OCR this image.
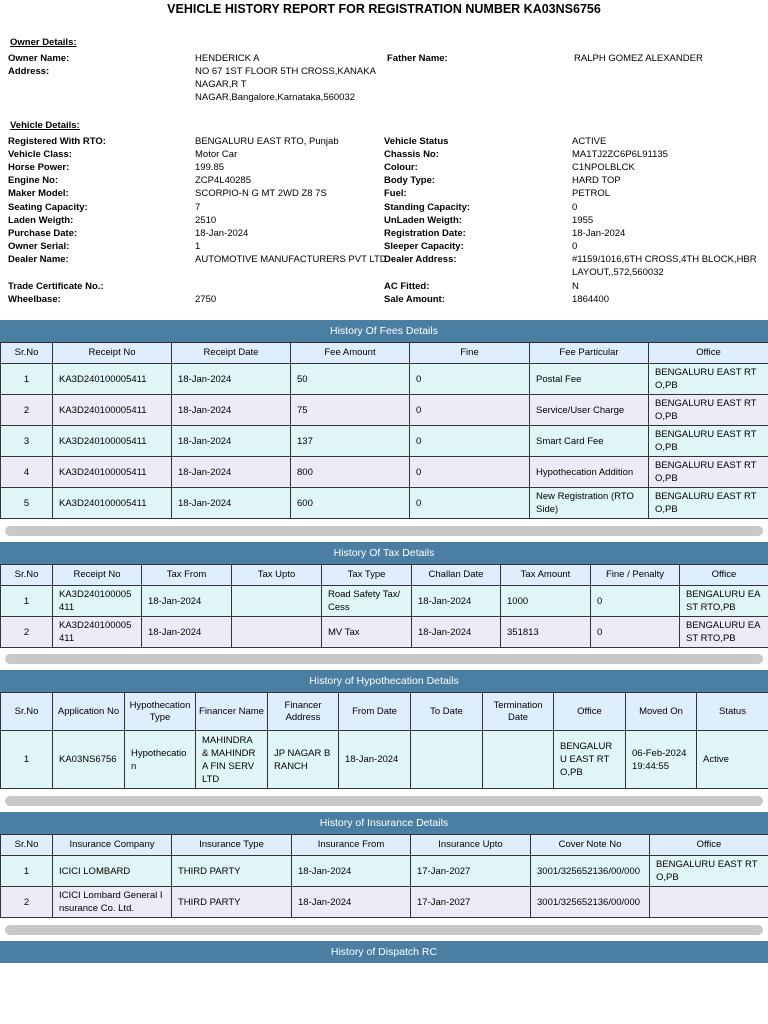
VEHICLE HISTORY REPORT FOR REGISTRATION NUMBER KA03NS6756
Owner Details:
Owner Name:	HENDERICK A	Father Name:	RALPH GOMEZ ALEXANDER
Address:	NO 67 1ST FLOOR 5TH CROSS,KANAKA
NAGAR,R T
NAGAR,Bangalore,Karnataka,560032
Vehicle Details:
Registered With RTO:	BENGALURU EAST RTO, Punjab	Vehicle Status	ACTIVE
Vehicle Class:	Motor Car	Chassis No:	MA1TJ2ZC6P6L91135
Horse Power:	199.85	Colour:	C1NPOLBLCK
Engine No:	ZCP4L40285	Body Type:	HARD TOP
Maker Model:	SCORPIO-N G MT 2WD Z8 7S	Fuel:	PETROL
Seating Capacity:	7	Standing Capacity:	0
Laden Weigth:	2510	UnLaden Weigth:	1955
Purchase Date:	18-Jan-2024	Registration Date:	18-Jan-2024
Owner Serial:	1	Sleeper Capacity:	0
Dealer Name:	AUTOMOTIVE MANUFACTURERS PVT LTD
Dealer Address:	#1159/1016,6TH CROSS,4TH BLOCK,HBR
LAYOUT,,572,560032
Trade Certificate No.:	AC Fitted:	N
Wheelbase:	2750	Sale Amount:	1864400
History Of Fees Details
Sr.No	Receipt No	Receipt Date	Fee Amount	Fine	Fee Particular	Office
1	KA3D240100005411	18-Jan-2024	50	0	Postal Fee	BENGALURU EAST RTO,PB
2	KA3D240100005411	18-Jan-2024	75	0	Service/User Charge	BENGALURU EAST RTO,PB
3	KA3D240100005411	18-Jan-2024	137	0	Smart Card Fee	BENGALURU EAST RTO,PB
4	KA3D240100005411	18-Jan-2024	800	0	Hypothecation Addition	BENGALURU EAST RTO,PB
5	KA3D240100005411	18-Jan-2024	600	0	New Registration (RTO Side)	BENGALURU EAST RTO,PB
History Of Tax Details
Sr.No	Receipt No	Tax From	Tax Upto	Tax Type	Challan Date	Tax Amount	Fine / Penalty	Office
1	KA3D240100005411	18-Jan-2024		Road Safety Tax/Cess	18-Jan-2024	1000	0	BENGALURU EAST RTO,PB
2	KA3D240100005411	18-Jan-2024		MV Tax	18-Jan-2024	351813	0	BENGALURU EAST RTO,PB
History of Hypothecation Details
Sr.No	Application No	Hypothecation Type	Financer Name	Financer Address	From Date	To Date	Termination Date	Office	Moved On	Status
1	KA03NS6756	Hypothecation	MAHINDRA & MAHINDRA FIN SERV LTD	JP NAGAR BRANCH	18-Jan-2024			BENGALURU EAST RTO,PB	06-Feb-2024 19:44:55	Active
History of Insurance Details
Sr.No	Insurance Company	Insurance Type	Insurance From	Insurance Upto	Cover Note No	Office
1	ICICI LOMBARD	THIRD PARTY	18-Jan-2024	17-Jan-2027	3001/325652136/00/000	BENGALURU EAST RTO,PB
2	ICICI Lombard General Insurance Co. Ltd.	THIRD PARTY	18-Jan-2024	17-Jan-2027	3001/325652136/00/000	
History of Dispatch RC
